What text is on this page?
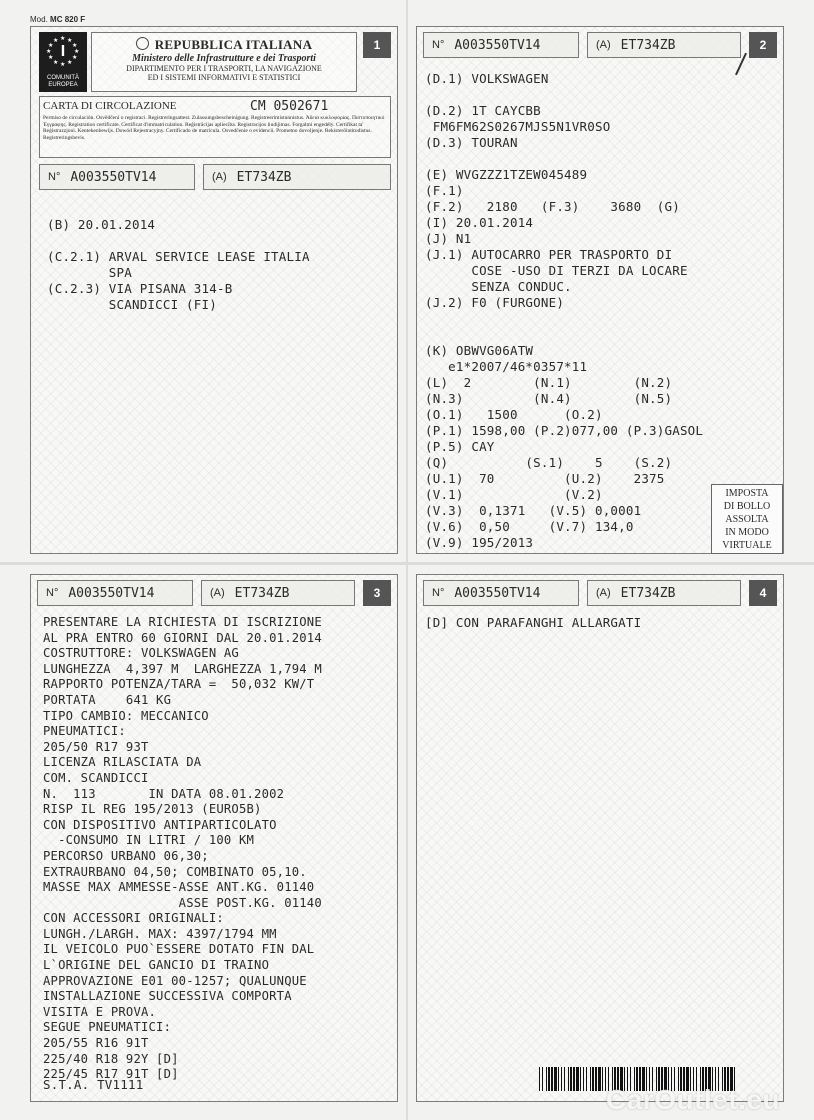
Mod. MC 820 F
★ ★
★
★
★
★
★
★
★
★
★
★
I
COMUNITÀ EUROPEA
REPUBBLICA ITALIANA
Ministero delle Infrastrutture e dei Trasporti
DIPARTIMENTO PER I TRASPORTI, LA NAVIGAZIONE
ED I SISTEMI INFORMATIVI E STATISTICI
1
CARTA DI CIRCOLAZIONE	CM 0502671
Permiso de circulación. Osvědčení o registraci. Registreringsattest. Zulassungsbescheinigung. Registreerimistunnistus. Άδεια κυκλοφορίας. Πιστοποιητικό Έγγραφης. Registration certificate. Certificat d'immatriculation. Reģistrācijas apliecība. Registracijos liudijimas. Forgalmi engedély. Certifikat ta' Reġistrazzjoni. Kentekenbewijs. Dowód Rejestracyjny. Certificado de matrícula. Osvedčenie o evidencii. Prometno dovoljenje. Rekisteröintitodistus. Registreringsbevis.
N° A003550TV14	(A) ET734ZB
(B) 20.01.2014

(C.2.1) ARVAL SERVICE LEASE ITALIA
SPA
(C.2.3) VIA PISANA 314-B
SCANDICCI (FI)
N° A003550TV14	(A) ET734ZB	2
(D.1) VOLKSWAGEN

(D.2) 1T CAYCBB
FM6FM62S0267MJS5N1VR0SO
(D.3) TOURAN

(E) WVGZZZ1TZEW045489
(F.1)
(F.2)   2180   (F.3)    3680  (G)
(I) 20.01.2014
(J) N1
(J.1) AUTOCARRO PER TRASPORTO DI
COSE -USO DI TERZI DA LOCARE
SENZA CONDUC.
(J.2) F0 (FURGONE)

(K) OBWVG06ATW
e1*2007/46*0357*11
(L)  2        (N.1)        (N.2)
(N.3)         (N.4)        (N.5)
(O.1)   1500      (O.2)
(P.1) 1598,00 (P.2)077,00 (P.3)GASOL
(P.5) CAY
(Q)          (S.1)    5    (S.2)
(U.1)  70         (U.2)    2375
(V.1)             (V.2)
(V.3)  0,1371   (V.5) 0,0001
(V.6)  0,50     (V.7) 134,0
(V.9) 195/2013
IMPOSTA
DI BOLLO
ASSOLTA
IN MODO
VIRTUALE
N° A003550TV14	(A) ET734ZB	3
PRESENTARE LA RICHIESTA DI ISCRIZIONE
AL PRA ENTRO 60 GIORNI DAL 20.01.2014
COSTRUTTORE: VOLKSWAGEN AG
LUNGHEZZA  4,397 M  LARGHEZZA 1,794 M
RAPPORTO POTENZA/TARA =  50,032 KW/T
PORTATA    641 KG
TIPO CAMBIO: MECCANICO
PNEUMATICI:
205/50 R17 93T
LICENZA RILASCIATA DA
COM. SCANDICCI
N.  113       IN DATA 08.01.2002
RISP IL REG 195/2013 (EURO5B)
CON DISPOSITIVO ANTIPARTICOLATO
-CONSUMO IN LITRI / 100 KM
PERCORSO URBANO 06,30;
EXTRAURBANO 04,50; COMBINATO 05,10.
MASSE MAX AMMESSE-ASSE ANT.KG. 01140
ASSE POST.KG. 01140
CON ACCESSORI ORIGINALI:
LUNGH./LARGH. MAX: 4397/1794 MM
IL VEICOLO PUO`ESSERE DOTATO FIN DAL
L`ORIGINE DEL GANCIO DI TRAINO
APPROVAZIONE E01 00-1257; QUALUNQUE
INSTALLAZIONE SUCCESSIVA COMPORTA
VISITA E PROVA.
SEGUE PNEUMATICI:
205/55 R16 91T
225/40 R18 92Y [D]
225/45 R17 91T [D]
S.T.A. TV1111
N° A003550TV14	(A) ET734ZB	4
[D] CON PARAFANGHI ALLARGATI
CarOutlet.eu
